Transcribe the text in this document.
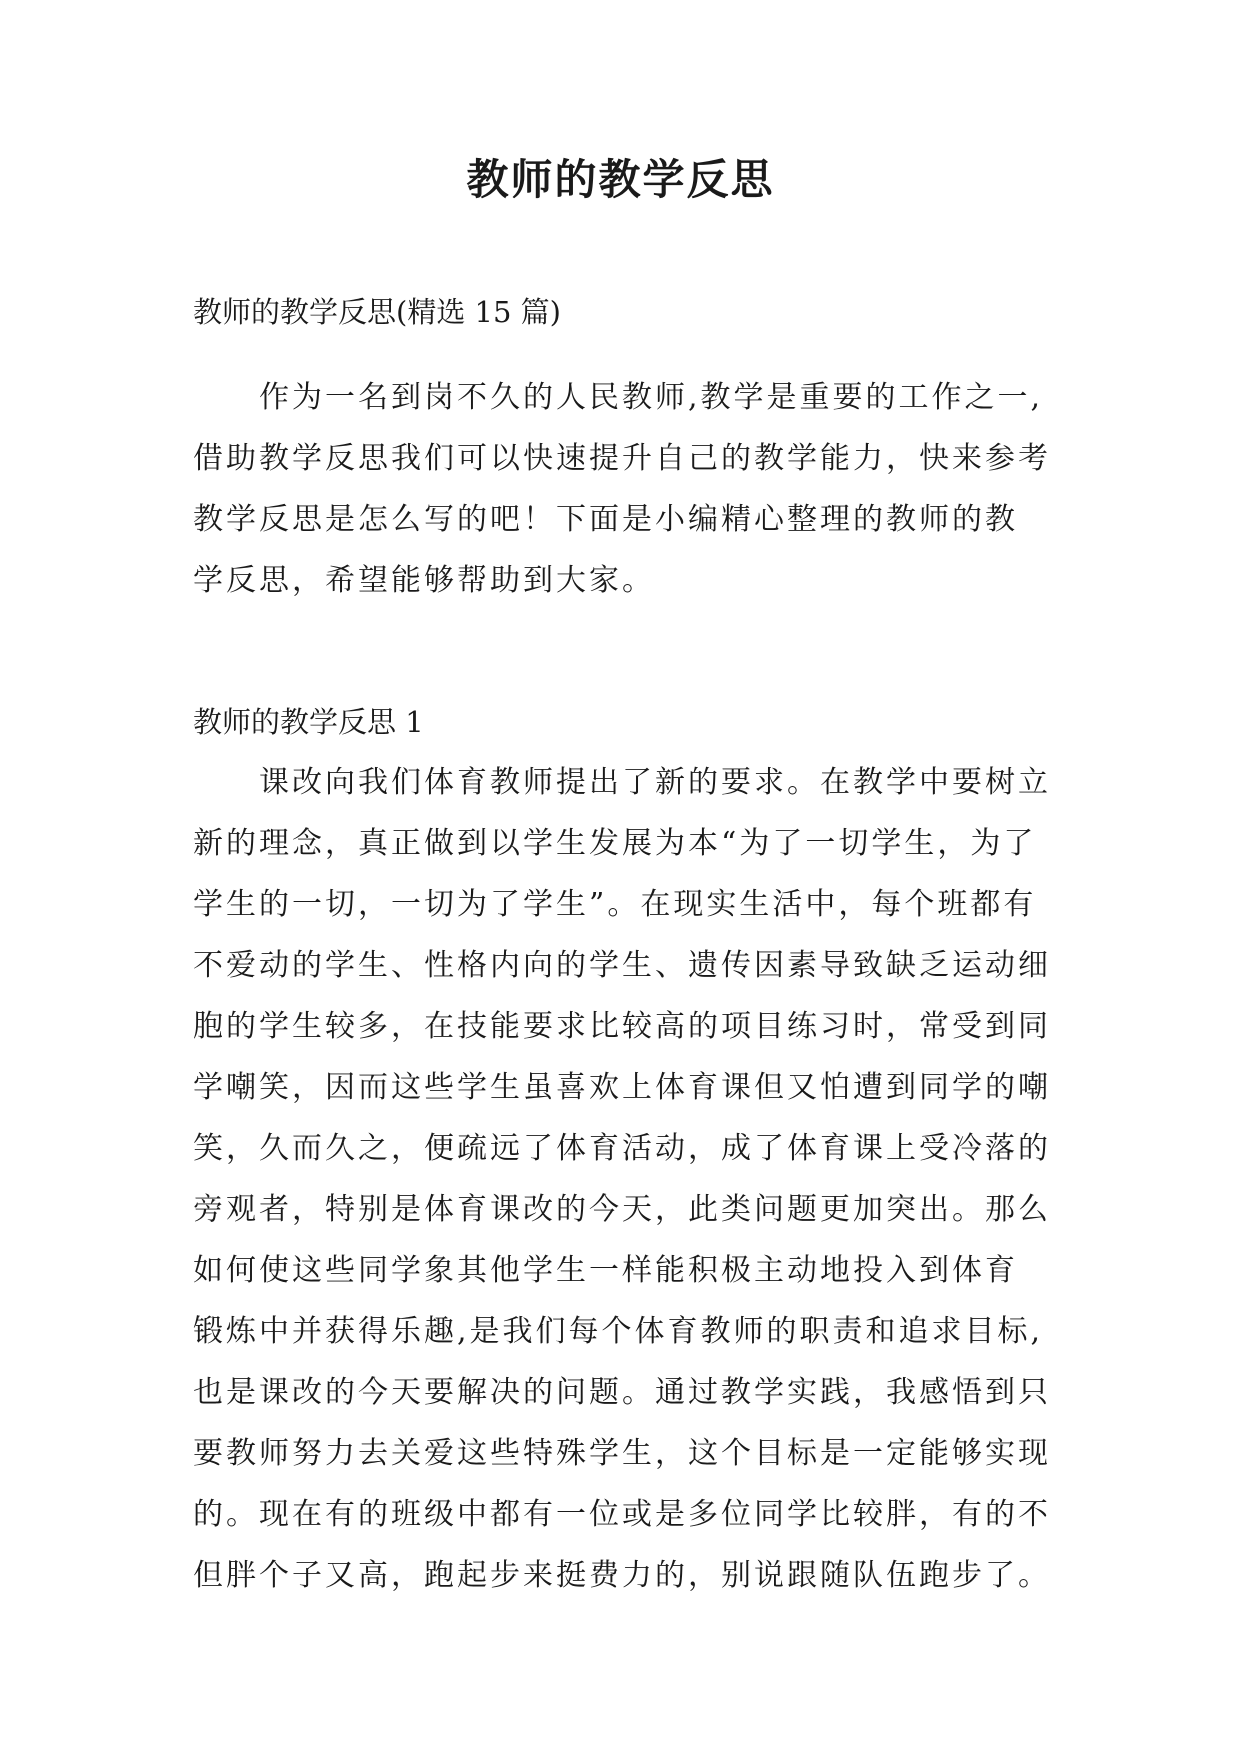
教师的教学反思

教师的教学反思(精选 15 篇)

作为一名到岗不久的人民教师,教学是重要的工作之一,
借助教学反思我们可以快速提升自己的教学能力，快来参考
教学反思是怎么写的吧！下面是小编精心整理的教师的教
学反思，希望能够帮助到大家。

教师的教学反思 1

课改向我们体育教师提出了新的要求。在教学中要树立
新的理念，真正做到以学生发展为本“为了一切学生，为了
学生的一切，一切为了学生”。在现实生活中，每个班都有
不爱动的学生、性格内向的学生、遗传因素导致缺乏运动细
胞的学生较多，在技能要求比较高的项目练习时，常受到同
学嘲笑，因而这些学生虽喜欢上体育课但又怕遭到同学的嘲
笑，久而久之，便疏远了体育活动，成了体育课上受冷落的
旁观者，特别是体育课改的今天，此类问题更加突出。那么
如何使这些同学象其他学生一样能积极主动地投入到体育
锻炼中并获得乐趣,是我们每个体育教师的职责和追求目标,
也是课改的今天要解决的问题。通过教学实践，我感悟到只
要教师努力去关爱这些特殊学生，这个目标是一定能够实现
的。现在有的班级中都有一位或是多位同学比较胖，有的不
但胖个子又高，跑起步来挺费力的，别说跟随队伍跑步了。
